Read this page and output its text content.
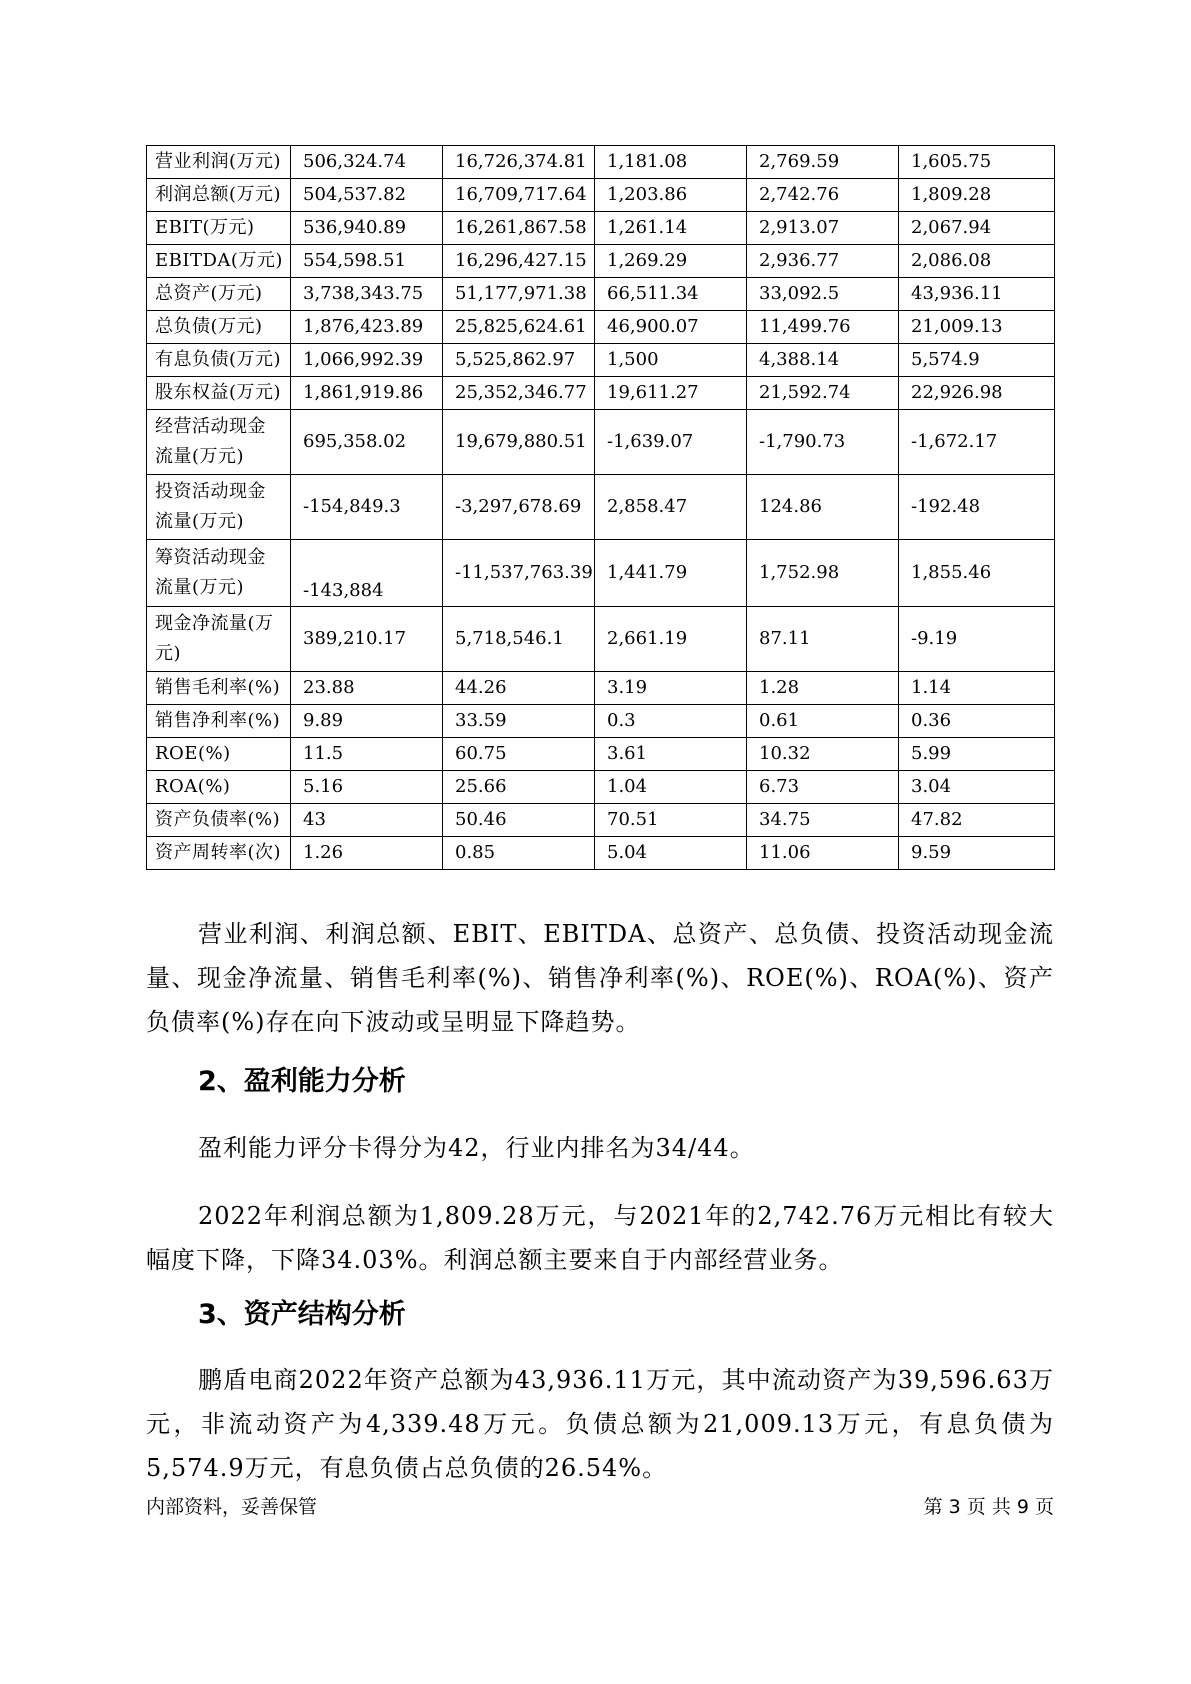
营业利润(万元)	506,324.74	16,726,374.81	1,181.08	2,769.59	1,605.75
利润总额(万元)	504,537.82	16,709,717.64	1,203.86	2,742.76	1,809.28
EBIT(万元)	536,940.89	16,261,867.58	1,261.14	2,913.07	2,067.94
EBITDA(万元)	554,598.51	16,296,427.15	1,269.29	2,936.77	2,086.08
总资产(万元)	3,738,343.75	51,177,971.38	66,511.34	33,092.5	43,936.11
总负债(万元)	1,876,423.89	25,825,624.61	46,900.07	11,499.76	21,009.13
有息负债(万元)	1,066,992.39	5,525,862.97	1,500	4,388.14	5,574.9
股东权益(万元)	1,861,919.86	25,352,346.77	19,611.27	21,592.74	22,926.98
经营活动现金流量(万元)	695,358.02	19,679,880.51	-1,639.07	-1,790.73	-1,672.17
投资活动现金流量(万元)	-154,849.3	-3,297,678.69	2,858.47	124.86	-192.48
筹资活动现金流量(万元)	-143,884	-11,537,763.39	1,441.79	1,752.98	1,855.46
现金净流量(万元)	389,210.17	5,718,546.1	2,661.19	87.11	-9.19
销售毛利率(%)	23.88	44.26	3.19	1.28	1.14
销售净利率(%)	9.89	33.59	0.3	0.61	0.36
ROE(%)	11.5	60.75	3.61	10.32	5.99
ROA(%)	5.16	25.66	1.04	6.73	3.04
资产负债率(%)	43	50.46	70.51	34.75	47.82
资产周转率(次)	1.26	0.85	5.04	11.06	9.59

营业利润、利润总额、EBIT、EBITDA、总资产、总负债、投资活动现金流量、现金净流量、销售毛利率(%)、销售净利率(%)、ROE(%)、ROA(%)、资产负债率(%)存在向下波动或呈明显下降趋势。

2、盈利能力分析

盈利能力评分卡得分为42，行业内排名为34/44。

2022年利润总额为1,809.28万元，与2021年的2,742.76万元相比有较大幅度下降，下降34.03%。利润总额主要来自于内部经营业务。

3、资产结构分析

鹏盾电商2022年资产总额为43,936.11万元，其中流动资产为39,596.63万元，非流动资产为4,339.48万元。负债总额为21,009.13万元，有息负债为5,574.9万元，有息负债占总负债的26.54%。

内部资料，妥善保管	第 3 页 共 9 页
